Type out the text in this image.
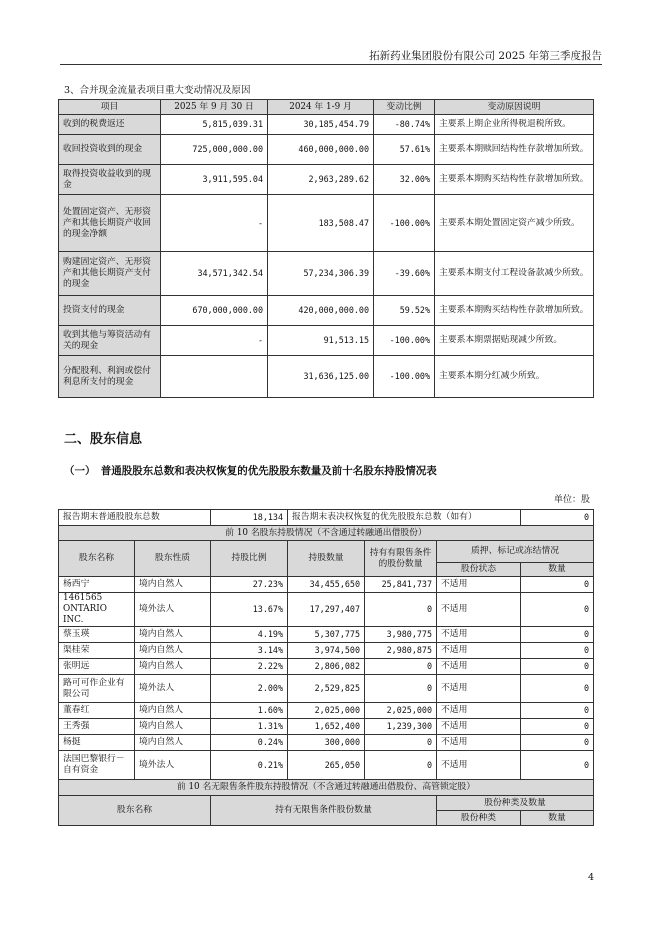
拓新药业集团股份有限公司 2025 年第三季度报告
3、合并现金流量表项目重大变动情况及原因
项目	2025 年 9 月 30 日	2024 年 1-9 月	变动比例	变动原因说明
收到的税费返还	5,815,039.31	30,185,454.79	-80.74%	主要系上期企业所得税退税所致。
收回投资收到的现金	725,000,000.00	460,000,000.00	57.61%	主要系本期赎回结构性存款增加所致。
取得投资收益收到的现金	3,911,595.04	2,963,289.62	32.00%	主要系本期购买结构性存款增加所致。
处置固定资产、无形资产和其他长期资产收回的现金净额	-	183,508.47	-100.00%	主要系本期处置固定资产减少所致。
购建固定资产、无形资产和其他长期资产支付的现金	34,571,342.54	57,234,306.39	-39.60%	主要系本期支付工程设备款减少所致。
投资支付的现金	670,000,000.00	420,000,000.00	59.52%	主要系本期购买结构性存款增加所致。
收到其他与筹资活动有关的现金	-	91,513.15	-100.00%	主要系本期票据贴现减少所致。
分配股利、利润或偿付利息所支付的现金		31,636,125.00	-100.00%	主要系本期分红减少所致。
二、股东信息
（一）　普通股股东总数和表决权恢复的优先股股东数量及前十名股东持股情况表
单位：股
报告期末普通股股东总数		18,134	报告期末表决权恢复的优先股股东总数（如有）			0
前 10 名股东持股情况（不含通过转融通出借股份）						
股东名称	股东性质	持股比例	持股数量	持有有限售条件的股份数量	质押、标记或冻结情况	
					股份状态	数量
杨西宁	境内自然人	27.23%	34,455,650	25,841,737	不适用	0
1461565 ONTARIO INC.	境外法人	13.67%	17,297,407	0	不适用	0
蔡玉瑛	境内自然人	4.19%	5,307,775	3,980,775	不适用	0
渠桂荣	境内自然人	3.14%	3,974,500	2,980,875	不适用	0
张明远	境内自然人	2.22%	2,806,082	0	不适用	0
路可可作企业有限公司	境外法人	2.00%	2,529,825	0	不适用	0
董春红	境内自然人	1.60%	2,025,000	2,025,000	不适用	0
王秀强	境内自然人	1.31%	1,652,400	1,239,300	不适用	0
杨挺	境内自然人	0.24%	300,000	0	不适用	0
法国巴黎银行－自有资金	境外法人	0.21%	265,050	0	不适用	0
前 10 名无限售条件股东持股情况（不含通过转融通出借股份、高管锁定股）						
股东名称		持有无限售条件股份数量			股份种类及数量	
					股份种类	数量
4
